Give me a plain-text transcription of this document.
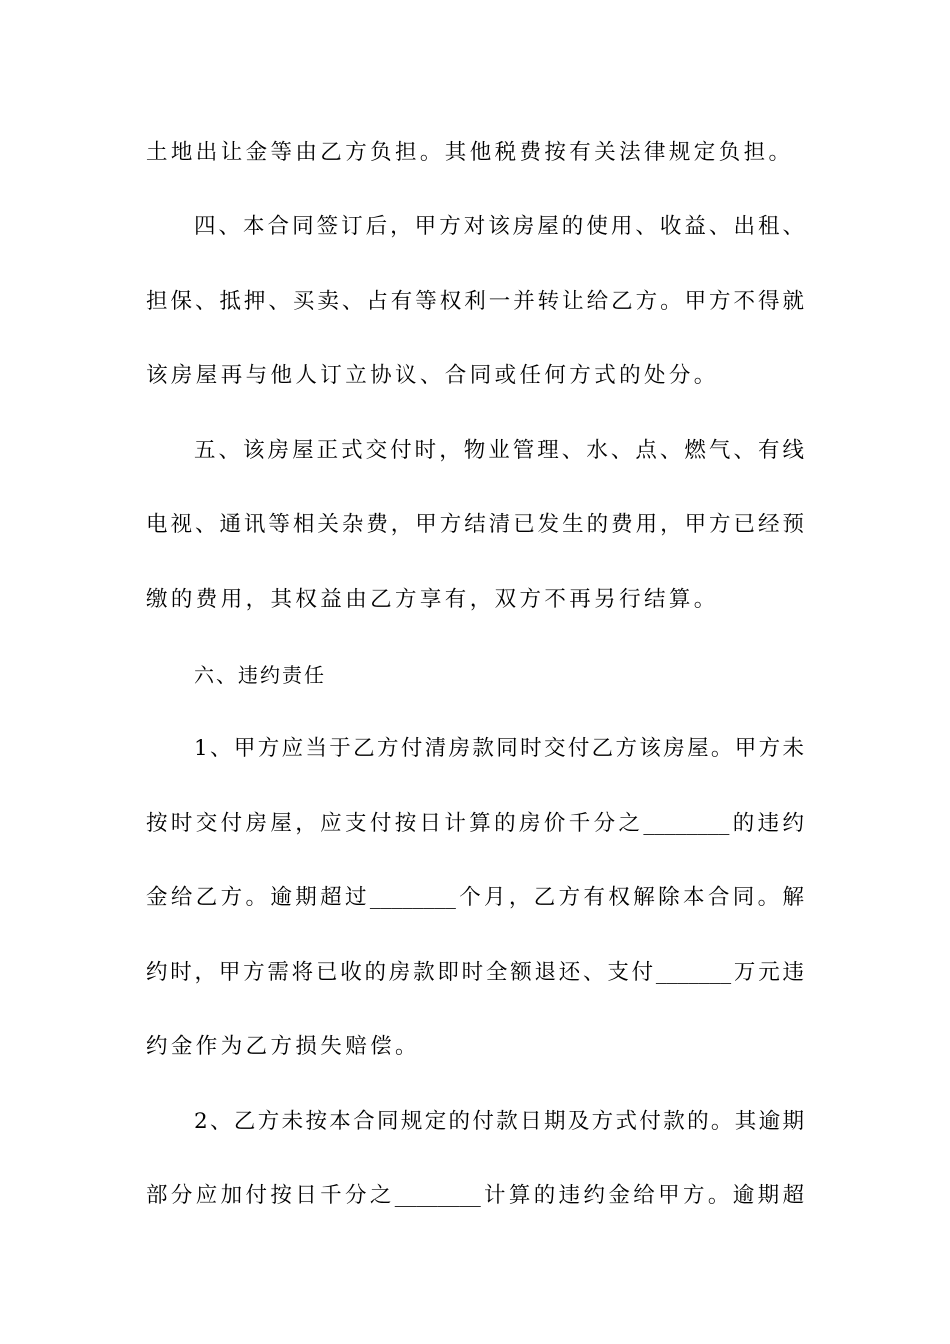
土地出让金等由乙方负担。其他税费按有关法律规定负担。
四、本合同签订后，甲方对该房屋的使用、收益、出租、
担保、抵押、买卖、占有等权利一并转让给乙方。甲方不得就
该房屋再与他人订立协议、合同或任何方式的处分。
五、该房屋正式交付时，物业管理、水、点、燃气、有线
电视、通讯等相关杂费，甲方结清已发生的费用，甲方已经预
缴的费用，其权益由乙方享有，双方不再另行结算。
六、违约责任
1、甲方应当于乙方付清房款同时交付乙方该房屋。甲方未
按时交付房屋，应支付按日计算的房价千分之________的违约
金给乙方。逾期超过________个月，乙方有权解除本合同。解
约时，甲方需将已收的房款即时全额退还、支付_______万元违
约金作为乙方损失赔偿。
2、乙方未按本合同规定的付款日期及方式付款的。其逾期
部分应加付按日千分之________计算的违约金给甲方。逾期超
